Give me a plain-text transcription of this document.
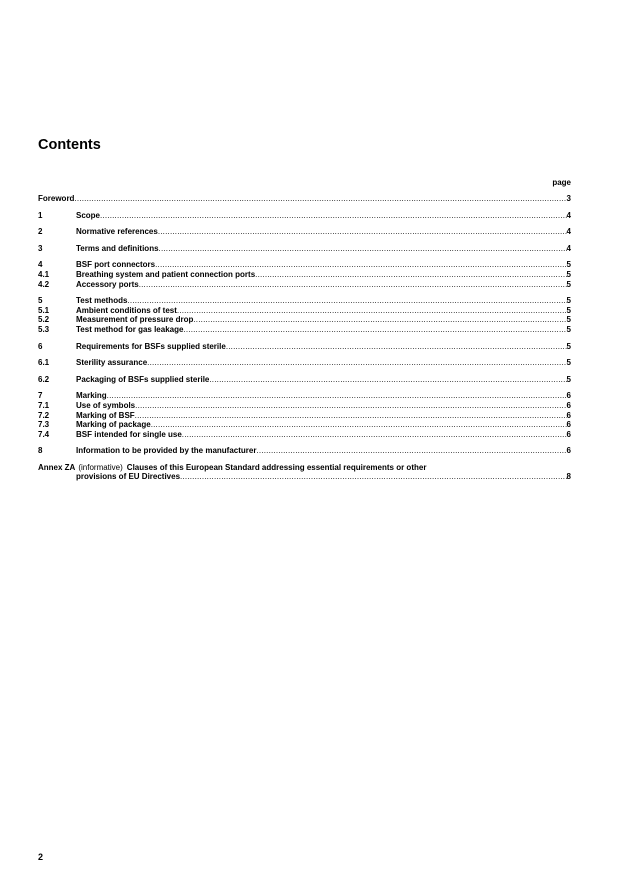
Contents
page
Foreword .....	3
1	Scope .....	4
2	Normative references .....	4
3	Terms and definitions .....	4
4	BSF port connectors .....	5
4.1	Breathing system and patient connection ports .....	5
4.2	Accessory ports .....	5
5	Test methods .....	5
5.1	Ambient conditions of test .....	5
5.2	Measurement of pressure drop .....	5
5.3	Test method for gas leakage .....	5
6	Requirements for BSFs supplied sterile .....	5
6.1	Sterility assurance .....	5
6.2	Packaging of BSFs supplied sterile .....	5
7	Marking .....	6
7.1	Use of symbols .....	6
7.2	Marking of BSF .....	6
7.3	Marking of package .....	6
7.4	BSF intended for single use .....	6
8	Information to be provided by the manufacturer .....	6
Annex ZA (informative) Clauses of this European Standard addressing essential requirements or other
provisions of EU Directives .....	8
2
